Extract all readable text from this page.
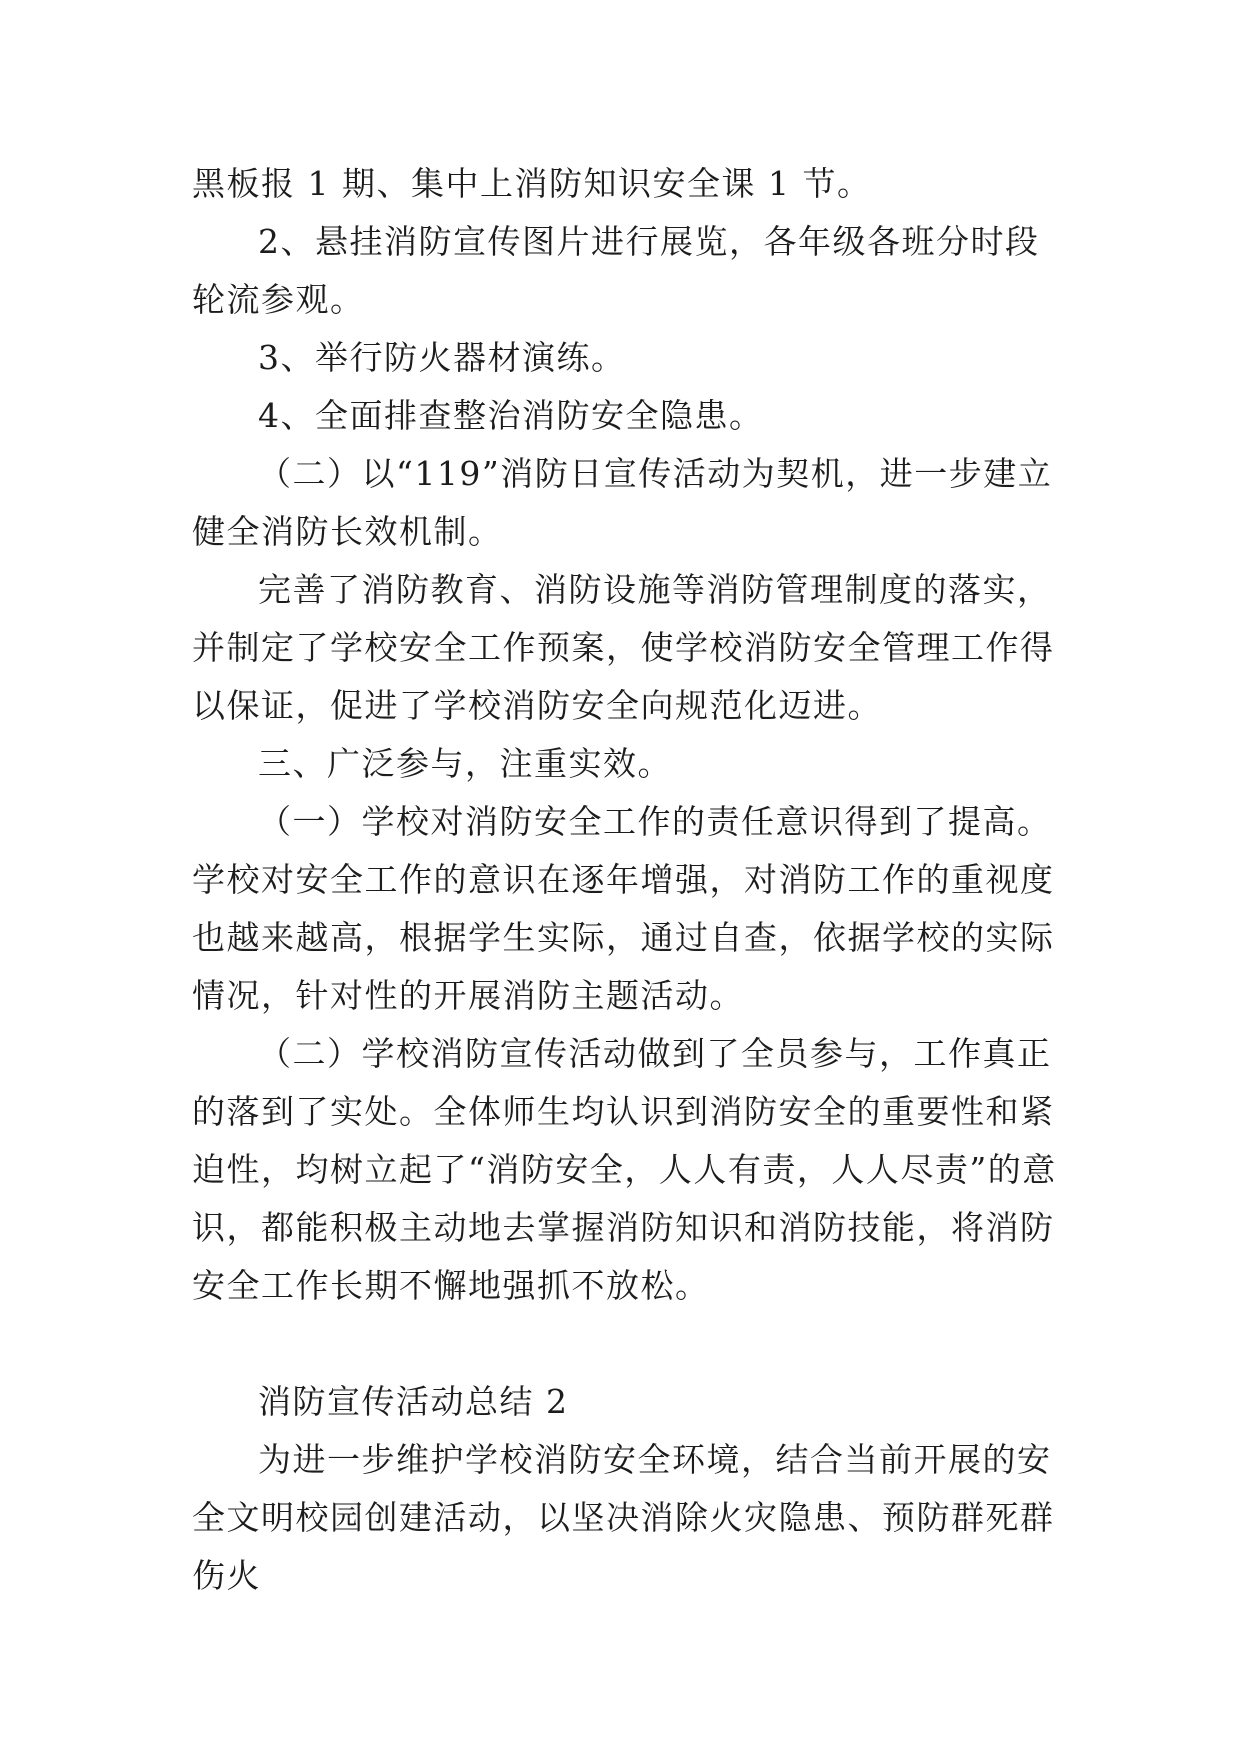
黑板报 1 期、集中上消防知识安全课 1 节。

2、悬挂消防宣传图片进行展览，各年级各班分时段轮流参观。

3、举行防火器材演练。

4、全面排查整治消防安全隐患。

（二）以“119”消防日宣传活动为契机，进一步建立健全消防长效机制。

完善了消防教育、消防设施等消防管理制度的落实，并制定了学校安全工作预案，使学校消防安全管理工作得以保证，促进了学校消防安全向规范化迈进。

三、广泛参与，注重实效。

（一）学校对消防安全工作的责任意识得到了提高。学校对安全工作的意识在逐年增强，对消防工作的重视度也越来越高，根据学生实际，通过自查，依据学校的实际情况，针对性的开展消防主题活动。

（二）学校消防宣传活动做到了全员参与，工作真正的落到了实处。全体师生均认识到消防安全的重要性和紧迫性，均树立起了“消防安全，人人有责，人人尽责”的意识，都能积极主动地去掌握消防知识和消防技能，将消防安全工作长期不懈地强抓不放松。

消防宣传活动总结 2

为进一步维护学校消防安全环境，结合当前开展的安全文明校园创建活动，以坚决消除火灾隐患、预防群死群伤火
